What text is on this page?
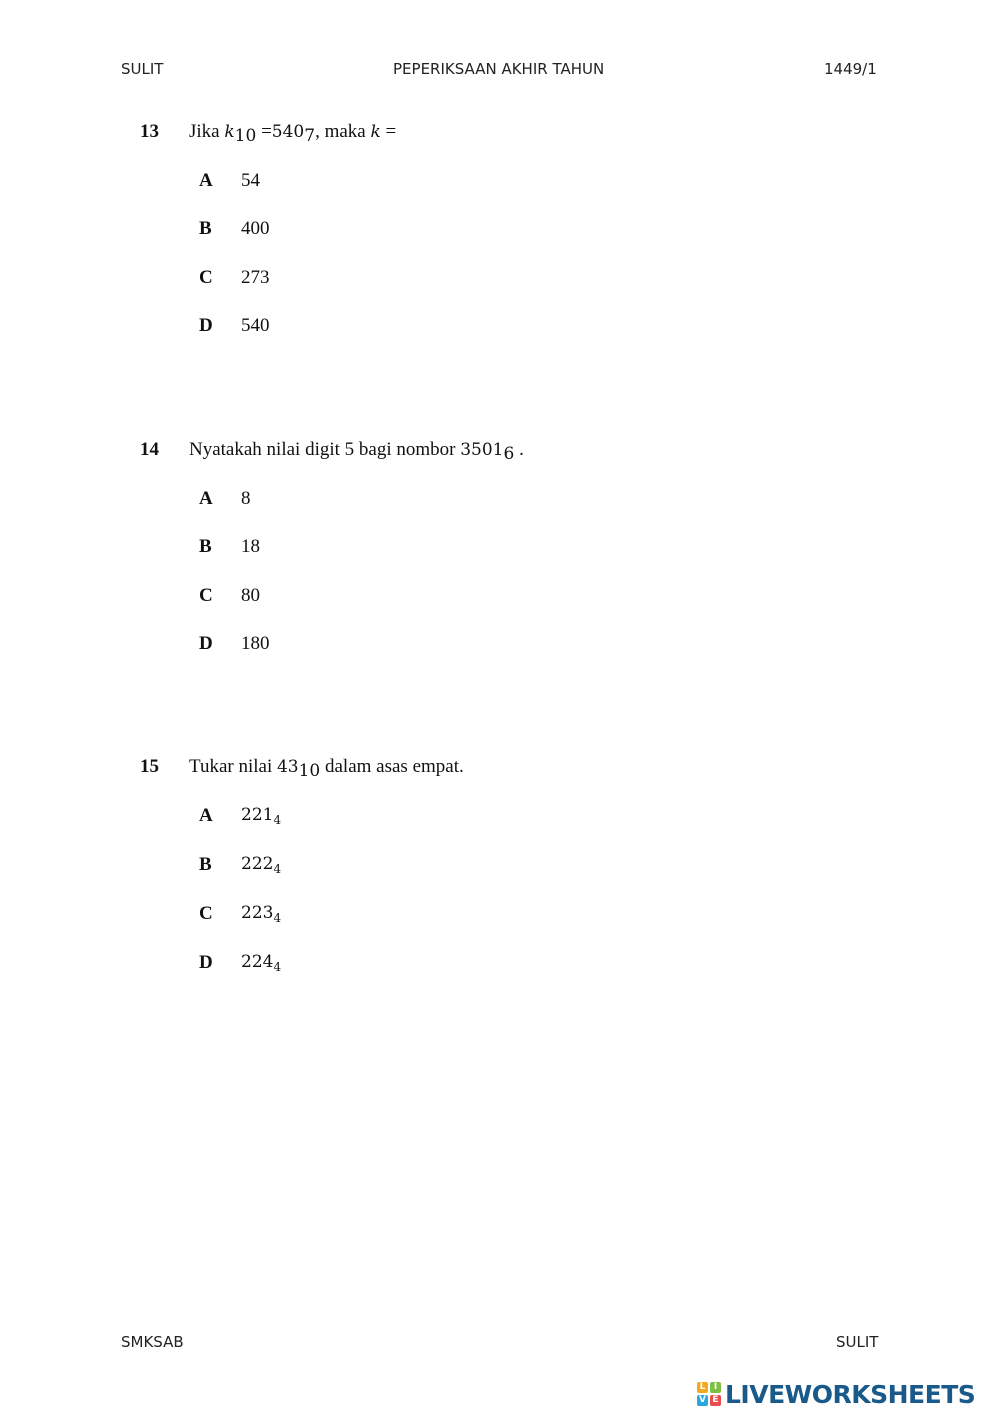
SULIT	PEPERIKSAAN AKHIR TAHUN	1449/1
13 Jika $k_{10} =540_7$, maka k =
A 54
B 400
C 273
D 540
14 Nyatakah nilai digit 5 bagi nombor $3501_6$ .
A 8
B 18
C 80
D 180
15 Tukar nilai $43_{10}$ dalam asas empat.
A $221_4$
B $222_4$
C $223_4$
D $224_4$
SMKSAB	SULIT
L I
V E LIVEWORKSHEETS
